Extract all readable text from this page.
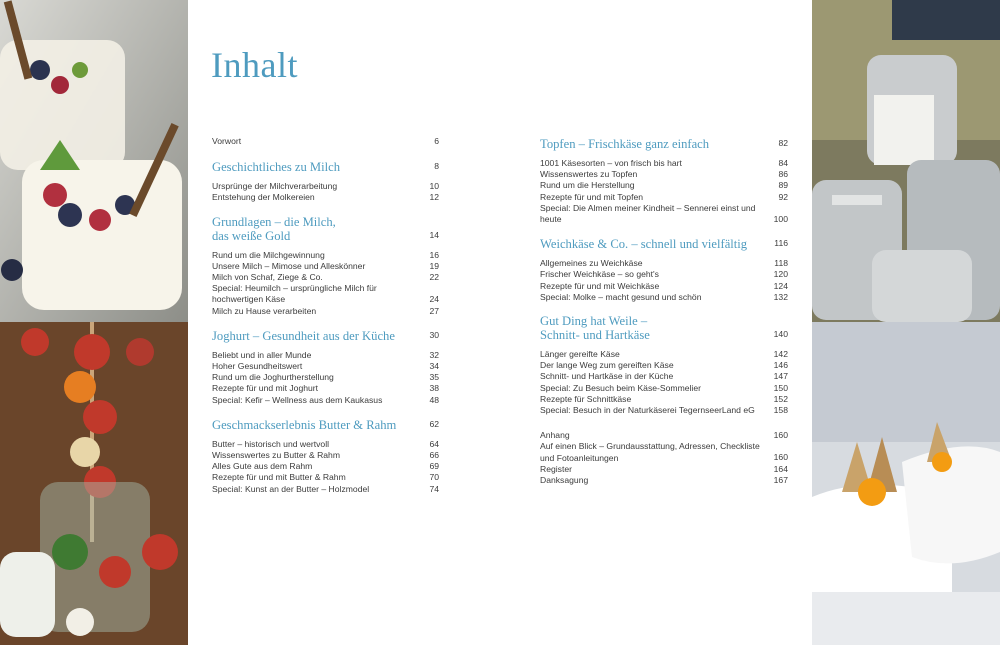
Inhalt
Vorwort	6
Geschichtliches zu Milch	8
Ursprünge der Milchverarbeitung	10
Entstehung der Molkereien	12
Grundlagen – die Milch,
das weiße Gold	14
Rund um die Milchgewinnung	16
Unsere Milch – Mimose und Alleskönner	19
Milch von Schaf, Ziege & Co.	22
Special: Heumilch – ursprüngliche Milch für hochwertigen Käse	24
Milch zu Hause verarbeiten	27
Joghurt – Gesundheit aus der Küche	30
Beliebt und in aller Munde	32
Hoher Gesundheitswert	34
Rund um die Joghurtherstellung	35
Rezepte für und mit Joghurt	38
Special: Kefir – Wellness aus dem Kaukasus	48
Geschmackserlebnis Butter & Rahm	62
Butter – historisch und wertvoll	64
Wissenswertes zu Butter & Rahm	66
Alles Gute aus dem Rahm	69
Rezepte für und mit Butter & Rahm	70
Special: Kunst an der Butter – Holzmodel	74
Topfen – Frischkäse ganz einfach	82
1001 Käsesorten – von frisch bis hart	84
Wissenswertes zu Topfen	86
Rund um die Herstellung	89
Rezepte für und mit Topfen	92
Special: Die Almen meiner Kindheit – Sennerei einst und heute	100
Weichkäse & Co. – schnell und vielfältig	116
Allgemeines zu Weichkäse	118
Frischer Weichkäse – so geht's	120
Rezepte für und mit Weichkäse	124
Special: Molke – macht gesund und schön	132
Gut Ding hat Weile –
Schnitt- und Hartkäse	140
Länger gereifte Käse	142
Der lange Weg zum gereiften Käse	146
Schnitt- und Hartkäse in der Küche	147
Special: Zu Besuch beim Käse-Sommelier	150
Rezepte für Schnittkäse	152
Special: Besuch in der Naturkäserei TegernseerLand eG	158
Anhang	160
Auf einen Blick – Grundausstattung, Adressen, Checkliste und Fotoanleitungen	160
Register	164
Danksagung	167
